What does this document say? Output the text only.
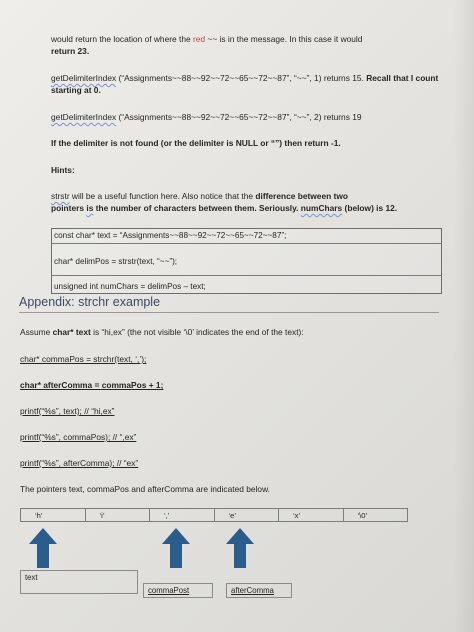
would return the location of where the red ~~ is in the message. In this case it would
return 23.
getDelimiterIndex (“Assignments~~88~~92~~72~~65~~72~~87”, “~~”, 1) returns 15. Recall that I count
starting at 0.
getDelimiterIndex (“Assignments~~88~~92~~72~~65~~72~~87”, “~~”, 2) returns 19
If the delimiter is not found (or the delimiter is NULL or “”) then return -1.
Hints:
strstr will be a useful function here. Also notice that the difference between two
pointers is the number of characters between them. Seriously. numChars (below) is 12.
const char* text = “Assignments~~88~~92~~72~~65~~72~~87”;
char* delimPos = strstr(text, “~~”);
unsigned int numChars = delimPos – text;
Appendix: strchr example
Assume char* text is “hi,ex” (the not visible ‘\0’ indicates the end of the text):
char* commaPos = strchr(text, ‘,’);
char* afterComma = commaPos + 1;
printf(“%s”, text); // “hi,ex”
printf(“%s”, commaPos); // “,ex”
printf(“%s”, afterComma); // “ex”
The pointers text, commaPos and afterComma are indicated below.
‘h’	‘i’	‘,’	‘e’	‘x’	‘\0’
text
commaPost	afterComma
